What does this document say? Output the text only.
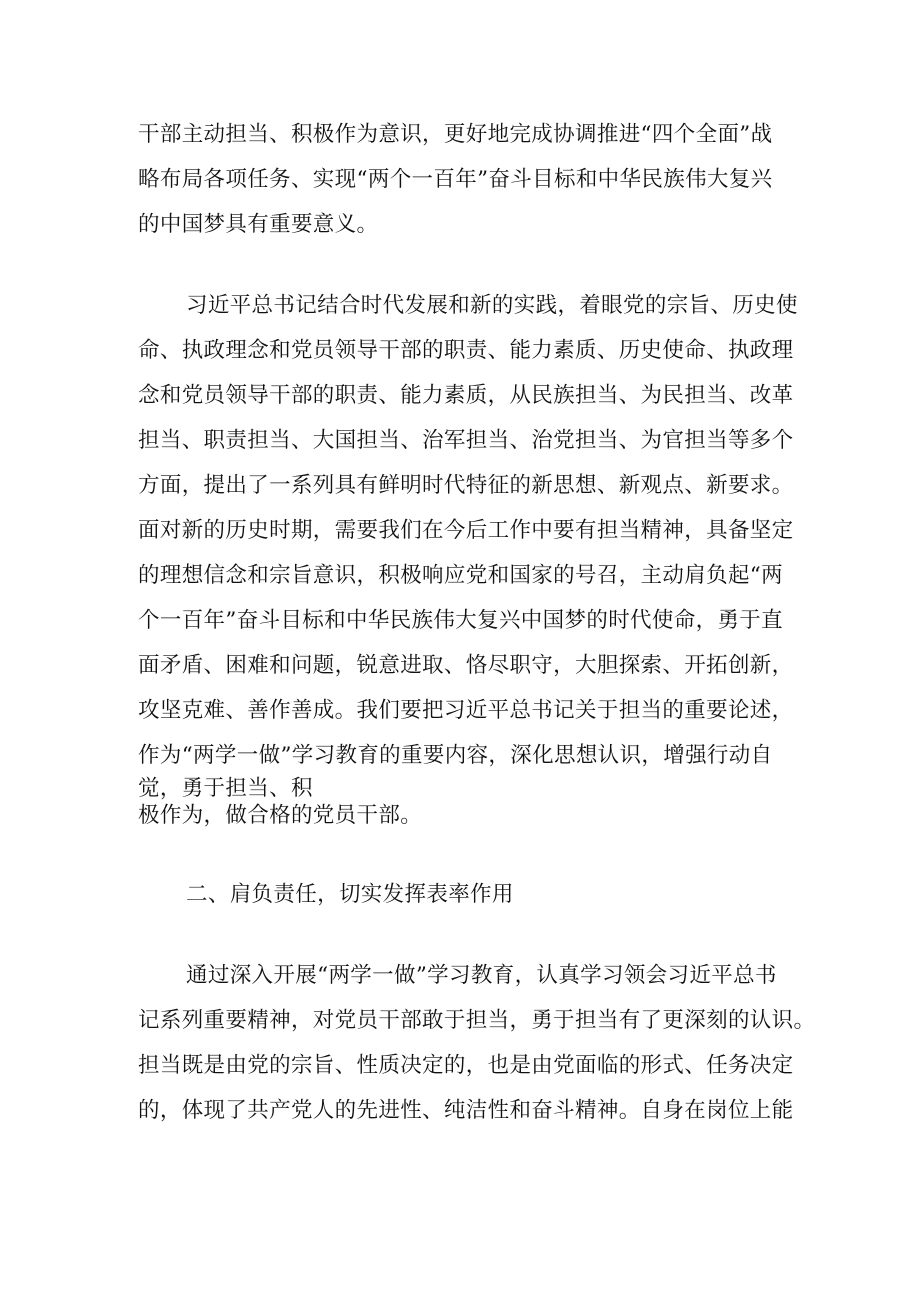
干部主动担当、积极作为意识，更好地完成协调推进“四个全面”战
略布局各项任务、实现“两个一百年”奋斗目标和中华民族伟大复兴
的中国梦具有重要意义。
习近平总书记结合时代发展和新的实践，着眼党的宗旨、历史使
命、执政理念和党员领导干部的职责、能力素质、历史使命、执政理
念和党员领导干部的职责、能力素质，从民族担当、为民担当、改革
担当、职责担当、大国担当、治军担当、治党担当、为官担当等多个
方面，提出了一系列具有鲜明时代特征的新思想、新观点、新要求。
面对新的历史时期，需要我们在今后工作中要有担当精神，具备坚定
的理想信念和宗旨意识，积极响应党和国家的号召，主动肩负起“两
个一百年”奋斗目标和中华民族伟大复兴中国梦的时代使命，勇于直
面矛盾、困难和问题，锐意进取、恪尽职守，大胆探索、开拓创新，
攻坚克难、善作善成。我们要把习近平总书记关于担当的重要论述，
作为“两学一做”学习教育的重要内容，深化思想认识，增强行动自
觉，勇于担当、积
极作为，做合格的党员干部。
二、肩负责任，切实发挥表率作用
通过深入开展“两学一做”学习教育，认真学习领会习近平总书
记系列重要精神，对党员干部敢于担当，勇于担当有了更深刻的认识。
担当既是由党的宗旨、性质决定的，也是由党面临的形式、任务决定
的，体现了共产党人的先进性、纯洁性和奋斗精神。自身在岗位上能
